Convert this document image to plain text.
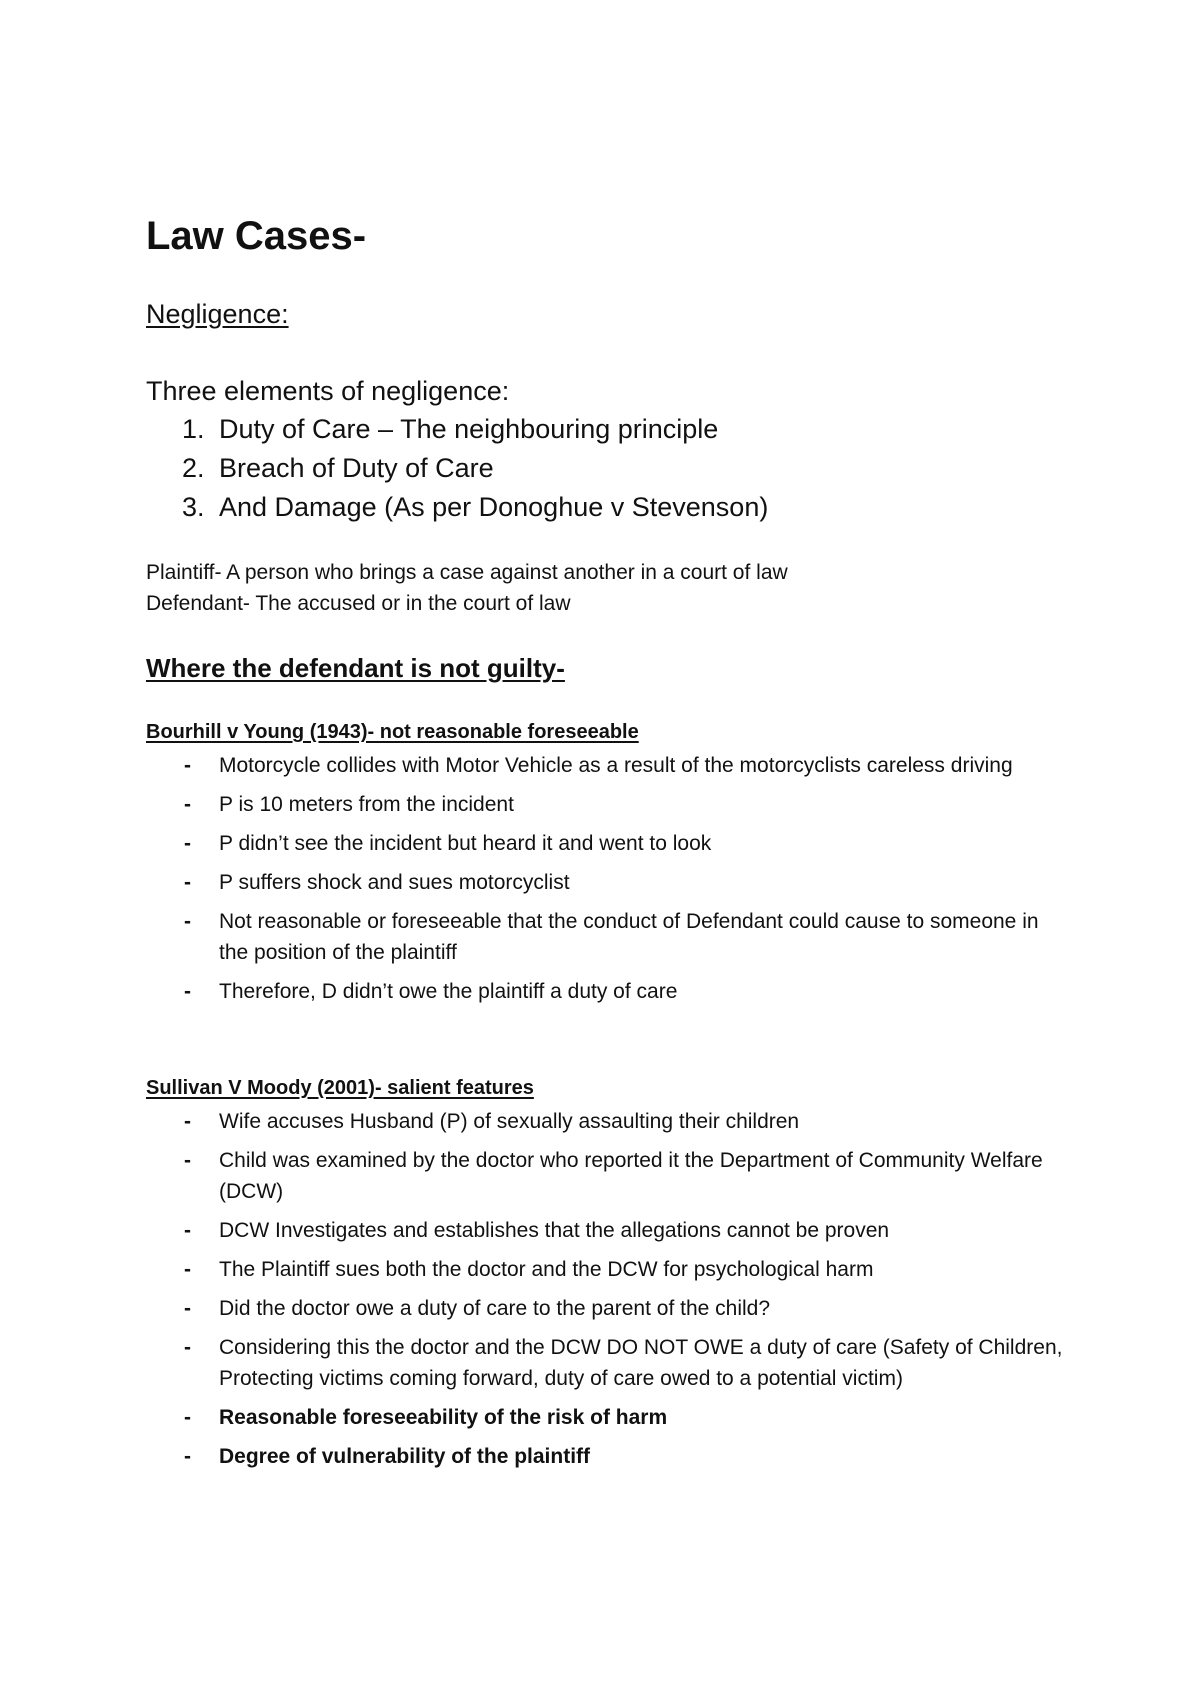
Law Cases-
Negligence:
Three elements of negligence:
1. Duty of Care – The neighbouring principle
2. Breach of Duty of Care
3. And Damage (As per Donoghue v Stevenson)
Plaintiff- A person who brings a case against another in a court of law
Defendant- The accused or in the court of law
Where the defendant is not guilty-
Bourhill v Young (1943)- not reasonable foreseeable
- Motorcycle collides with Motor Vehicle as a result of the motorcyclists careless driving
- P is 10 meters from the incident
- P didn’t see the incident but heard it and went to look
- P suffers shock and sues motorcyclist
- Not reasonable or foreseeable that the conduct of Defendant could cause to someone in the position of the plaintiff
- Therefore, D didn’t owe the plaintiff a duty of care
Sullivan V Moody (2001)- salient features
- Wife accuses Husband (P) of sexually assaulting their children
- Child was examined by the doctor who reported it the Department of Community Welfare (DCW)
- DCW Investigates and establishes that the allegations cannot be proven
- The Plaintiff sues both the doctor and the DCW for psychological harm
- Did the doctor owe a duty of care to the parent of the child?
- Considering this the doctor and the DCW DO NOT OWE a duty of care (Safety of Children, Protecting victims coming forward, duty of care owed to a potential victim)
- Reasonable foreseeability of the risk of harm
- Degree of vulnerability of the plaintiff
